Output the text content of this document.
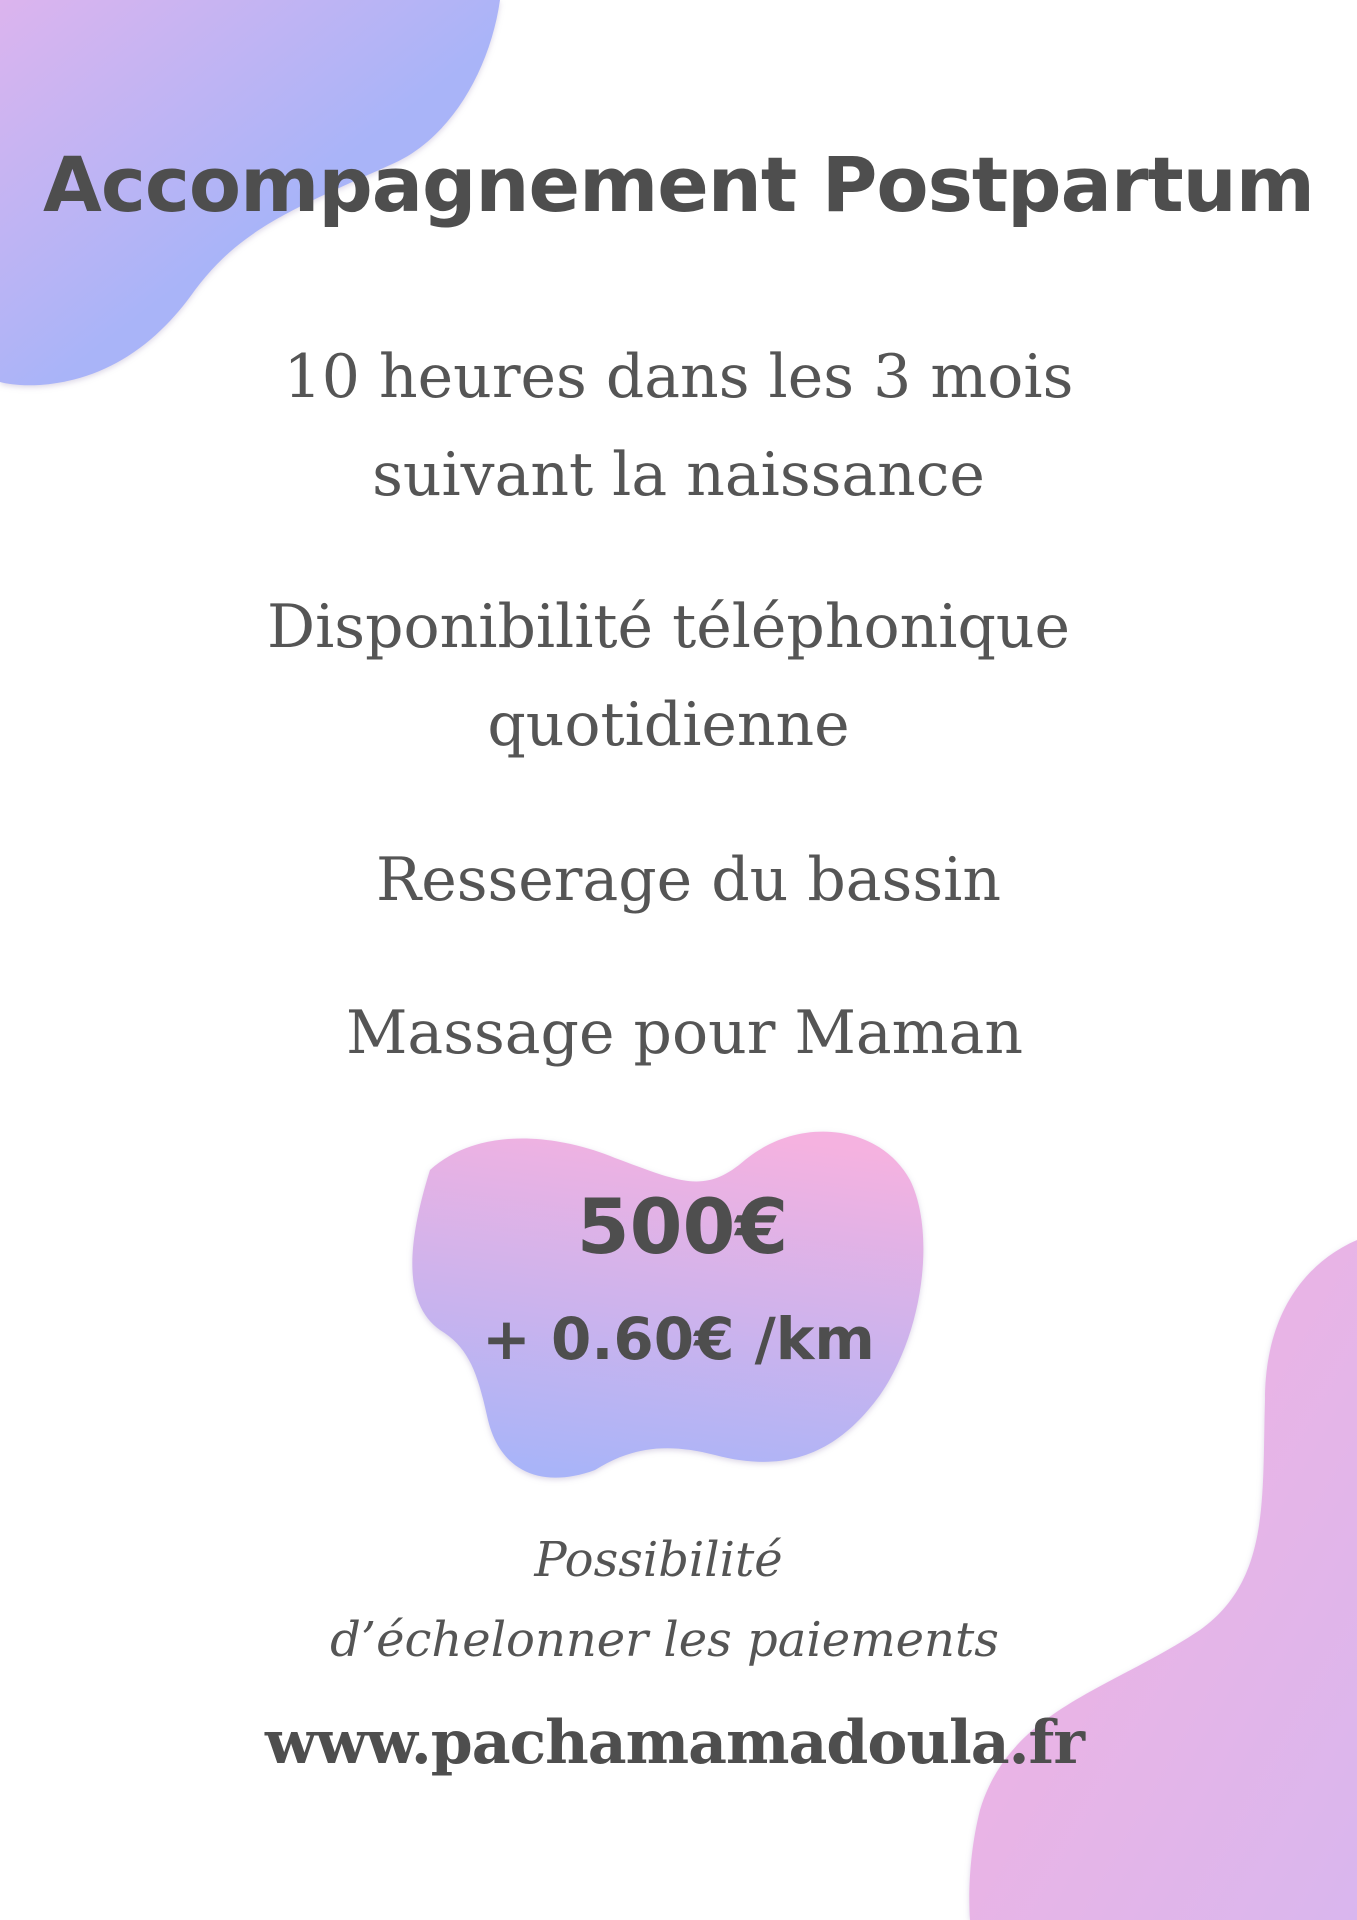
Accompagnement Postpartum
10 heures dans les 3 mois
suivant la naissance
Disponibilité téléphonique
quotidienne
Resserage du bassin
Massage pour Maman
500€
+ 0.60€ /km
Possibilité
d’échelonner les paiements
www.pachamamadoula.fr
